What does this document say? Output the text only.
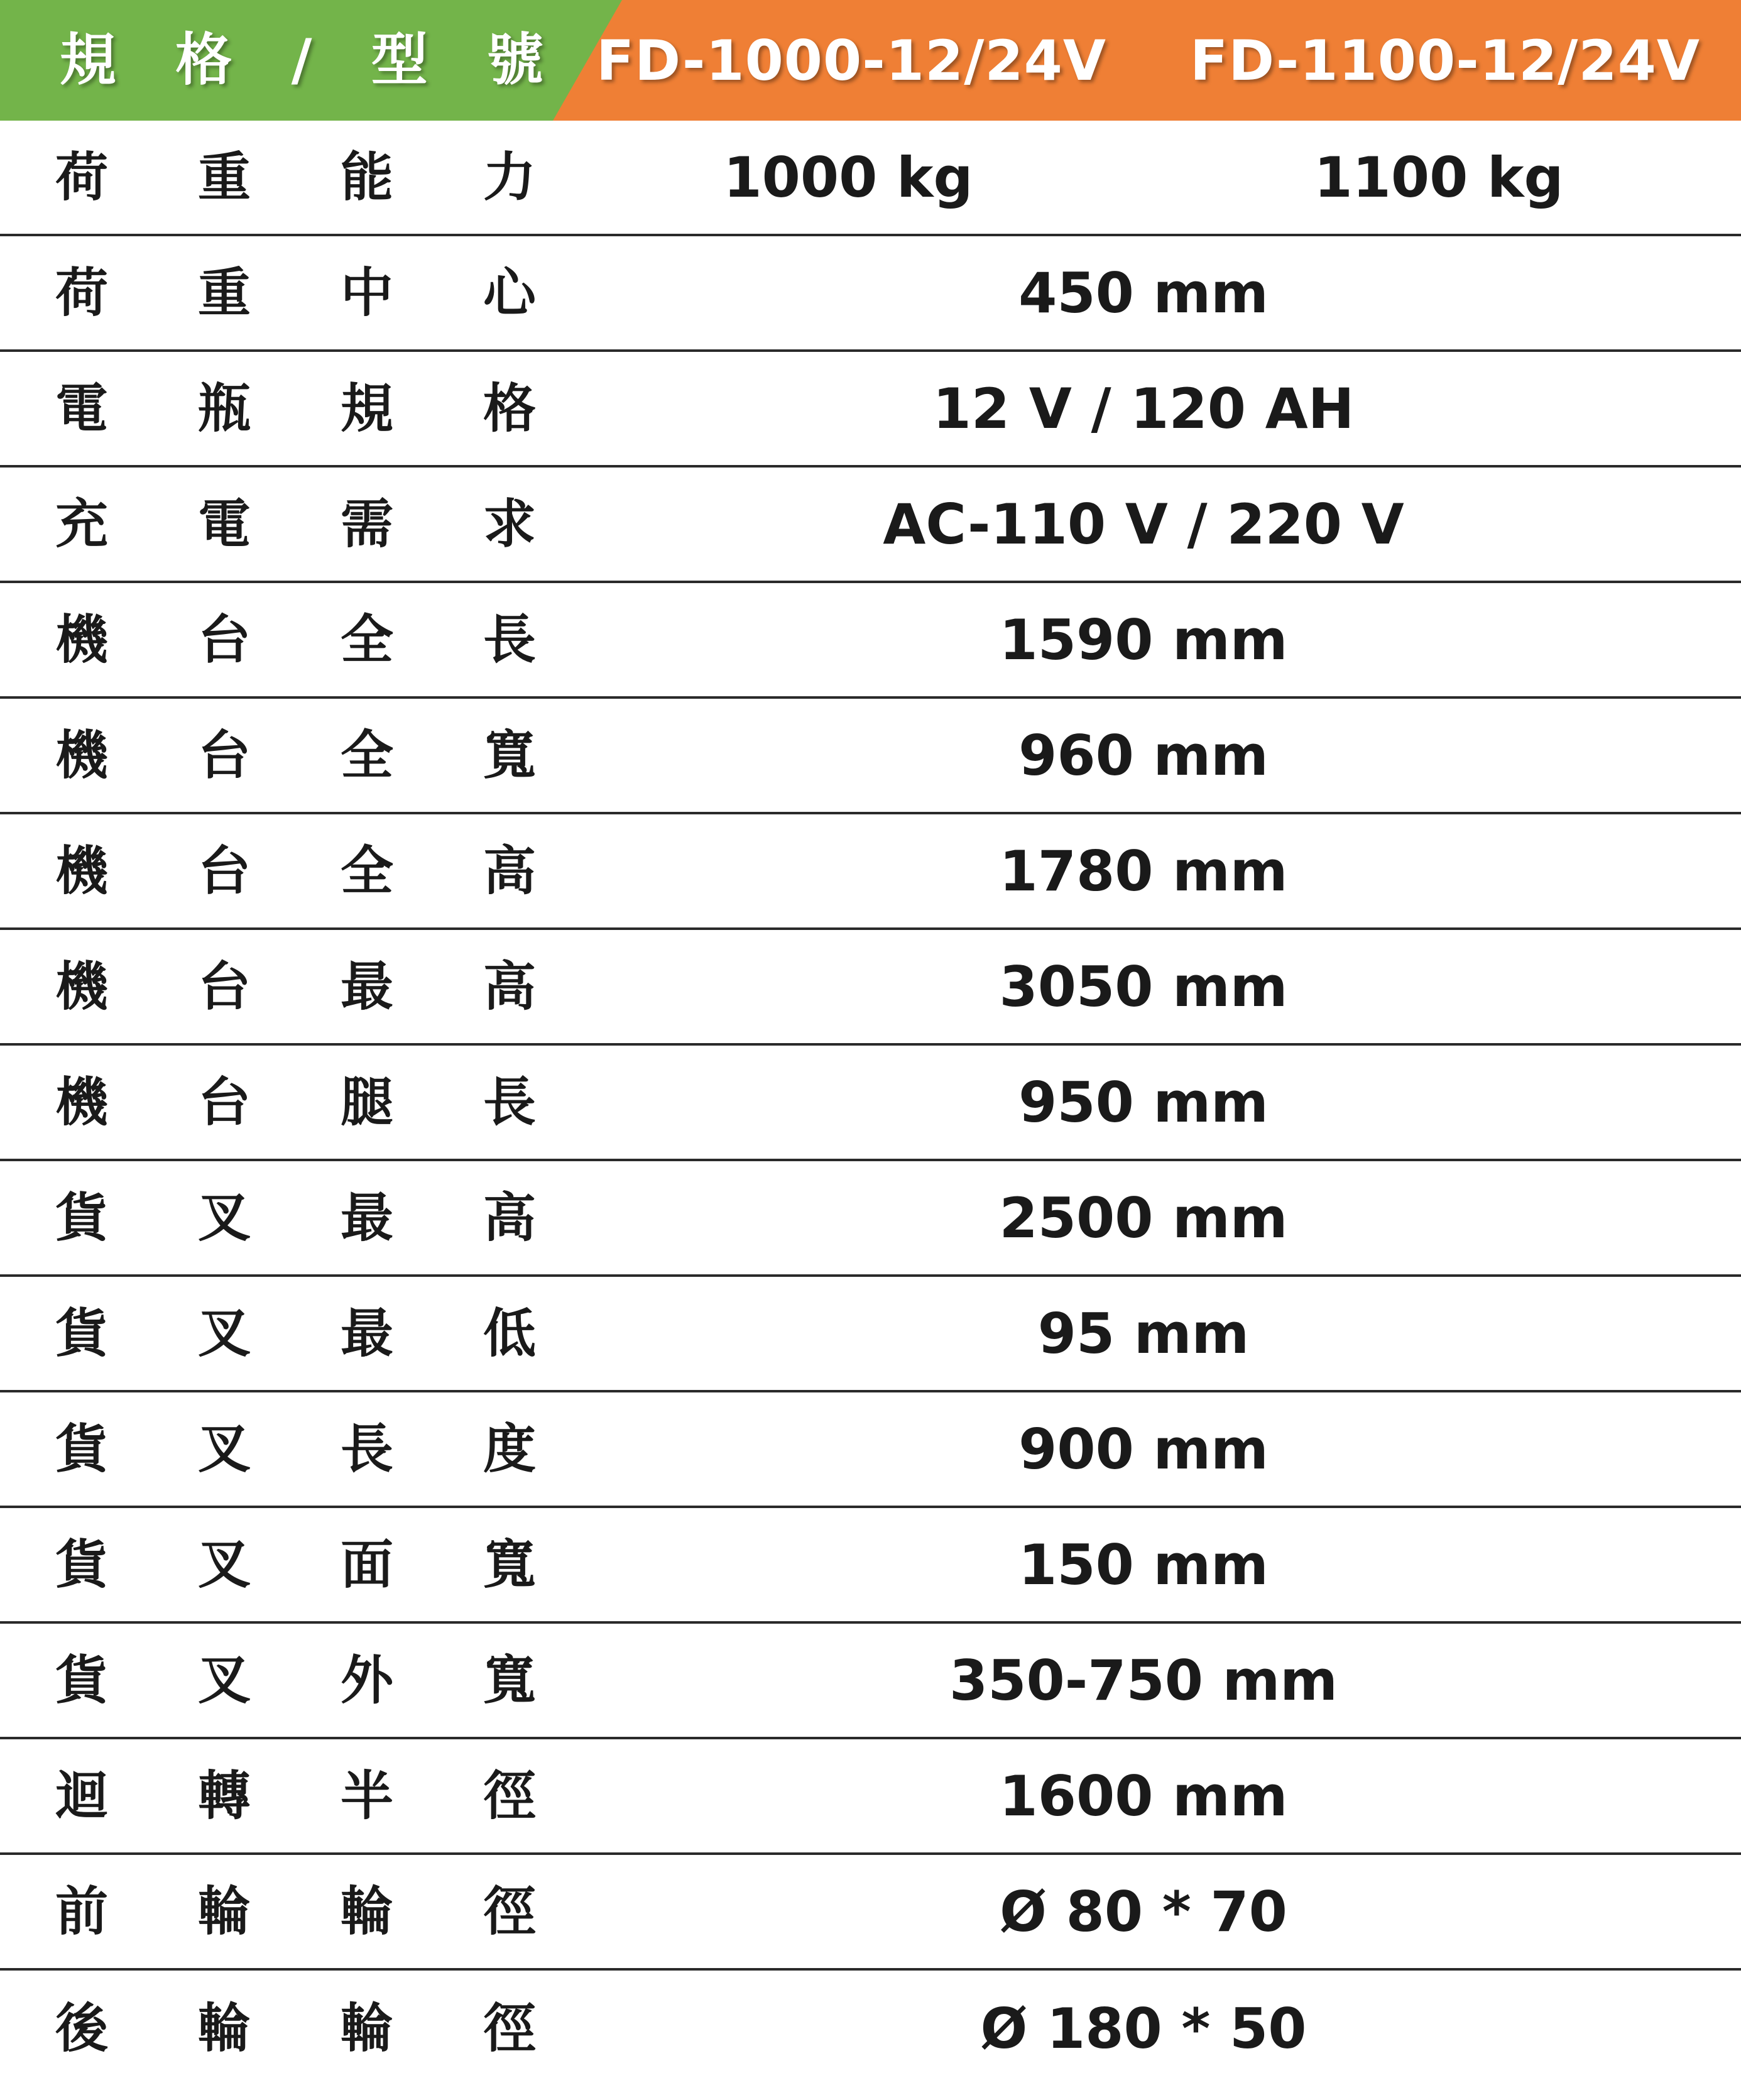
規 格 / 型 號 FD-1000-12/24V FD-1100-12/24V
荷 重 能 力	1000 kg	1100 kg
荷 重 中 心	450 mm
電 瓶 規 格	12 V / 120 AH
充 電 需 求	AC-110 V / 220 V
機 台 全 長	1590 mm
機 台 全 寬	960 mm
機 台 全 高	1780 mm
機 台 最 高	3050 mm
機 台 腿 長	950 mm
貨 叉 最 高	2500 mm
貨 叉 最 低	95 mm
貨 叉 長 度	900 mm
貨 叉 面 寬	150 mm
貨 叉 外 寬	350-750 mm
迴 轉 半 徑	1600 mm
前 輪 輪 徑	Ø 80 * 70
後 輪 輪 徑	Ø 180 * 50
